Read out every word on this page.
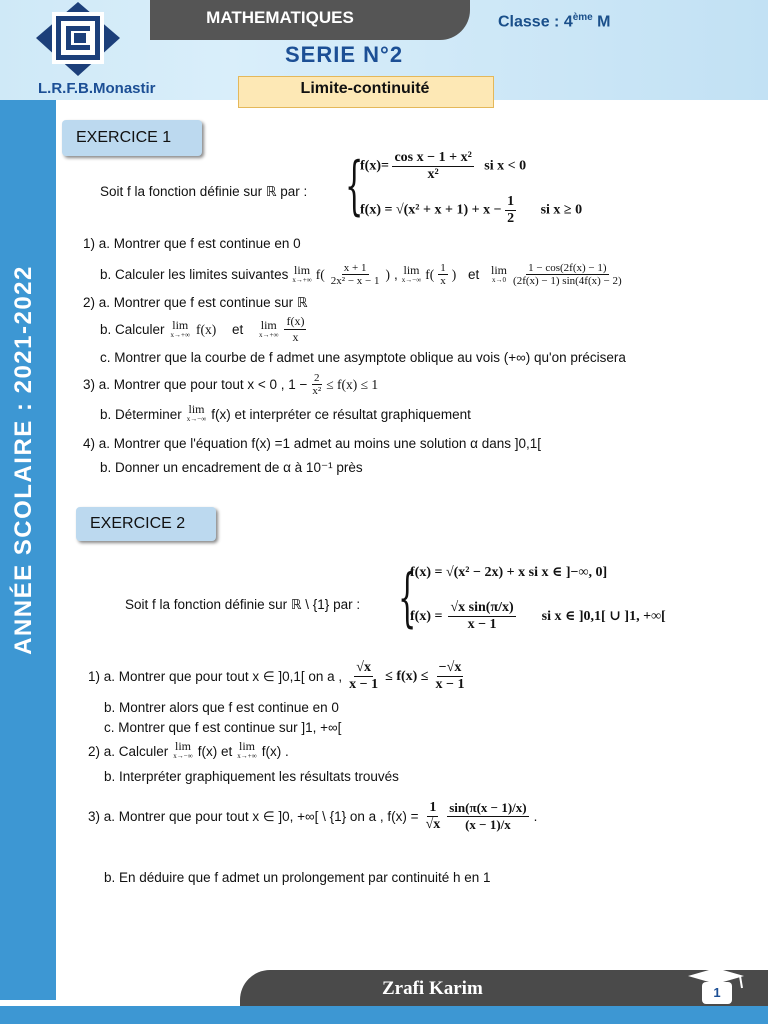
MATHEMATIQUES	Classe : 4ème M
SERIE N°2
Limite-continuité
L.R.F.B.Monastir
ANNÉE SCOLAIRE : 2021-2022
EXERCICE 1
Soit f la fonction définie sur ℝ par : {
$f(x)= \frac{\text{cos x − 1 + x²}}{\text{x²}}$ si x < 0
$f(x) = √(x^2 + x + 1) + x - \frac{1}{2}$ si x ≥ 0
1) a. Montrer que f est continue en 0
b. Calculer les limites suivantes lim
x→+∞ $f( \frac{x + 1}{\text{2x² − x − 1}}$ ) , lim
x→−∞ $f( \frac{1}{x}$ )
et
lim
$x\to 0 \frac{1 - \cos(2f(x) - 1)}{(2f(x) - 1) \sin(4f(x) - 2)}$
2) a. Montrer que f est continue sur ℝ
b. Calculer lim
x→+∞ f(x)
et
lim
$x\to+\infty \frac{f(x)}{x}$
c. Montrer que la courbe de f admet une asymptote oblique au vois (+∞) qu'on précisera
3) a. Montrer que pour tout x < 0 , $1 - \frac{2}{\text{x²}} \le f(x) \le 1$
b. Déterminer lim
x→−∞ f(x) et interpréter ce résultat graphiquement
4) a. Montrer que l'équation f(x) =1 admet au moins une solution α dans ]0,1[
b. Donner un encadrement de α à 10⁻¹ près
EXERCICE 2
Soit f la fonction définie sur ℝ \ {1} par : {
f(x) = √(x² − 2x) + x si x ∈ ]−∞, 0]
$f(x) = \frac{\text{√x sin(π/x)}}{x - 1}$
si x ∈ ]0,1[ ∪ ]1, +∞[
1) a. Montrer que pour tout x ∈ ]0,1[ on a , $\frac{√x}{x - 1} \le f(x) \le \frac{-√x}{x - 1}$
b. Montrer alors que f est continue en 0
c. Montrer que f est continue sur ]1, +∞[
2) a. Calculer lim
x→−∞ f(x) et lim
x→+∞ f(x) .
b. Interpréter graphiquement les résultats trouvés
3) a. Montrer que pour tout x ∈ ]0, +∞[ \ {1} on a , $f(x) = \frac{1}{√x} \frac{\sin(\pi(x - 1)/x)}{(x - 1)/x}$ .
b. En déduire que f admet un prolongement par continuité h en 1
Zrafi Karim	1
